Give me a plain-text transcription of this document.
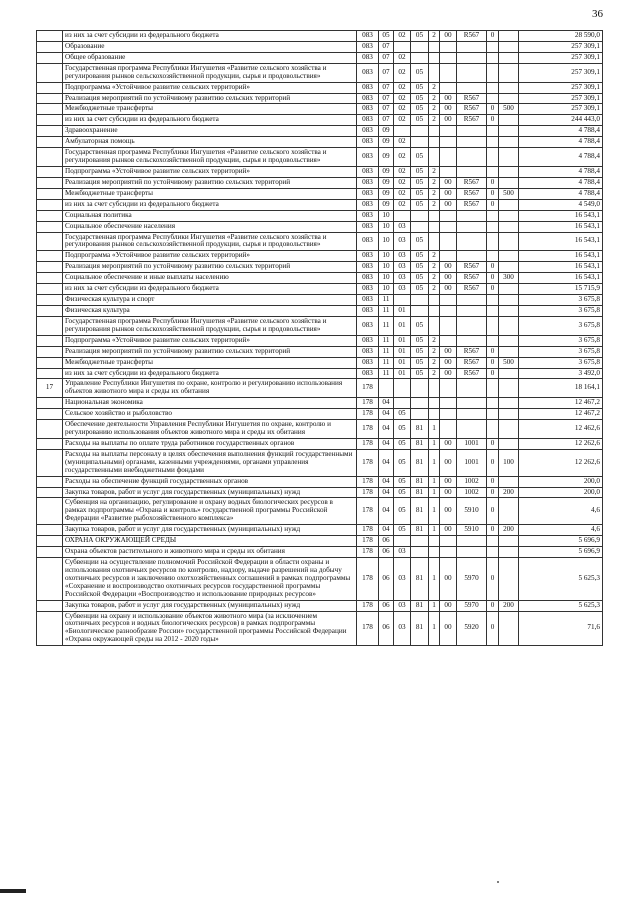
36
	из них за счет субсидии из федерального бюджета	083	05	02	05	2	00	R567	0		28 590,0
	Образование	083	07								257 309,1
	Общее образование	083	07	02							257 309,1
	Государственная программа Республики Ингушетия «Развитие сельского хозяйства и регулирования рынков сельскохозяйственной продукции, сырья и продовольствия»	083	07	02	05						257 309,1
	Подпрограмма «Устойчивое развитие сельских территорий»	083	07	02	05	2					257 309,1
	Реализация мероприятий по устойчивому развитию сельских территорий	083	07	02	05	2	00	R567			257 309,1
	Межбюджетные трансферты	083	07	02	05	2	00	R567	0	500	257 309,1
	из них за счет субсидии из федерального бюджета	083	07	02	05	2	00	R567	0		244 443,0
	Здравоохранение	083	09								4 788,4
	Амбулаторная помощь	083	09	02							4 788,4
	Государственная программа Республики Ингушетия «Развитие сельского хозяйства и регулирования рынков сельскохозяйственной продукции, сырья и продовольствия»	083	09	02	05						4 788,4
	Подпрограмма «Устойчивое развитие сельских территорий»	083	09	02	05	2					4 788,4
	Реализация мероприятий по устойчивому развитию сельских территорий	083	09	02	05	2	00	R567	0		4 788,4
	Межбюджетные трансферты	083	09	02	05	2	00	R567	0	500	4 788,4
	из них за счет субсидии из федерального бюджета	083	09	02	05	2	00	R567	0		4 549,0
	Социальная политика	083	10								16 543,1
	Социальное обеспечение населения	083	10	03							16 543,1
	Государственная программа Республики Ингушетия «Развитие сельского хозяйства и регулирования рынков сельскохозяйственной продукции, сырья и продовольствия»	083	10	03	05						16 543,1
	Подпрограмма «Устойчивое развитие сельских территорий»	083	10	03	05	2					16 543,1
	Реализация мероприятий по устойчивому развитию сельских территорий	083	10	03	05	2	00	R567	0		16 543,1
	Социальное обеспечение и иные выплаты населению	083	10	03	05	2	00	R567	0	300	16 543,1
	из них за счет субсидии из федерального бюджета	083	10	03	05	2	00	R567	0		15 715,9
	Физическая культура и спорт	083	11								3 675,8
	Физическая культура	083	11	01							3 675,8
	Государственная программа Республики Ингушетия «Развитие сельского хозяйства и регулирования рынков сельскохозяйственной продукции, сырья и продовольствия»	083	11	01	05						3 675,8
	Подпрограмма «Устойчивое развитие сельских территорий»	083	11	01	05	2					3 675,8
	Реализация мероприятий по устойчивому развитию сельских территорий	083	11	01	05	2	00	R567	0		3 675,8
	Межбюджетные трансферты	083	11	01	05	2	00	R567	0	500	3 675,8
	из них за счет субсидии из федерального бюджета	083	11	01	05	2	00	R567	0		3 492,0
17	Управление Республики Ингушетия по охране, контролю и регулированию использования объектов животного мира и среды их обитания	178									18 164,1
	Национальная экономика	178	04								12 467,2
	Сельское хозяйство и рыболовство	178	04	05							12 467,2
	Обеспечение деятельности Управления Республики Ингушетия по охране, контролю и регулированию использования объектов животного мира и среды их обитания	178	04	05	81	1					12 462,6
	Расходы на выплаты по оплате труда работников государственных органов	178	04	05	81	1	00	1001	0		12 262,6
	Расходы на выплаты персоналу в целях обеспечения выполнения функций государственными (муниципальными) органами, казенными учреждениями, органами управления государственными внебюджетными фондами	178	04	05	81	1	00	1001	0	100	12 262,6
	Расходы на обеспечение функций государственных органов	178	04	05	81	1	00	1002	0		200,0
	Закупка товаров, работ и услуг для государственных (муниципальных) нужд	178	04	05	81	1	00	1002	0	200	200,0
	Субвенция на организацию, регулирование и охрану водных биологических ресурсов в рамках подпрограммы «Охрана и контроль» государственной программы Российской Федерации «Развитие рыбохозяйственного комплекса»	178	04	05	81	1	00	5910	0		4,6
	Закупка товаров, работ и услуг для государственных (муниципальных) нужд	178	04	05	81	1	00	5910	0	200	4,6
	ОХРАНА ОКРУЖАЮЩЕЙ СРЕДЫ	178	06								5 696,9
	Охрана объектов растительного и животного мира и среды их обитания	178	06	03							5 696,9
	Субвенции на осуществление полномочий Российской Федерации в области охраны и использования охотничьих ресурсов по контролю, надзору, выдаче разрешений на добычу охотничьих ресурсов и заключению охотхозяйственных соглашений в рамках подпрограммы «Сохранение и воспроизводство охотничьих ресурсов государственной программы Российской Федерации «Воспроизводство и использование природных ресурсов»	178	06	03	81	1	00	5970	0		5 625,3
	Закупка товаров, работ и услуг для государственных (муниципальных) нужд	178	06	03	81	1	00	5970	0	200	5 625,3
	Субвенции на охрану и использование объектов животного мира (за исключением охотничьих ресурсов и водных биологических ресурсов) в рамках подпрограммы «Биологическое разнообразие России» государственной программы Российской Федерации «Охрана окружающей среды на 2012 - 2020 годы»	178	06	03	81	1	00	5920	0		71,6
